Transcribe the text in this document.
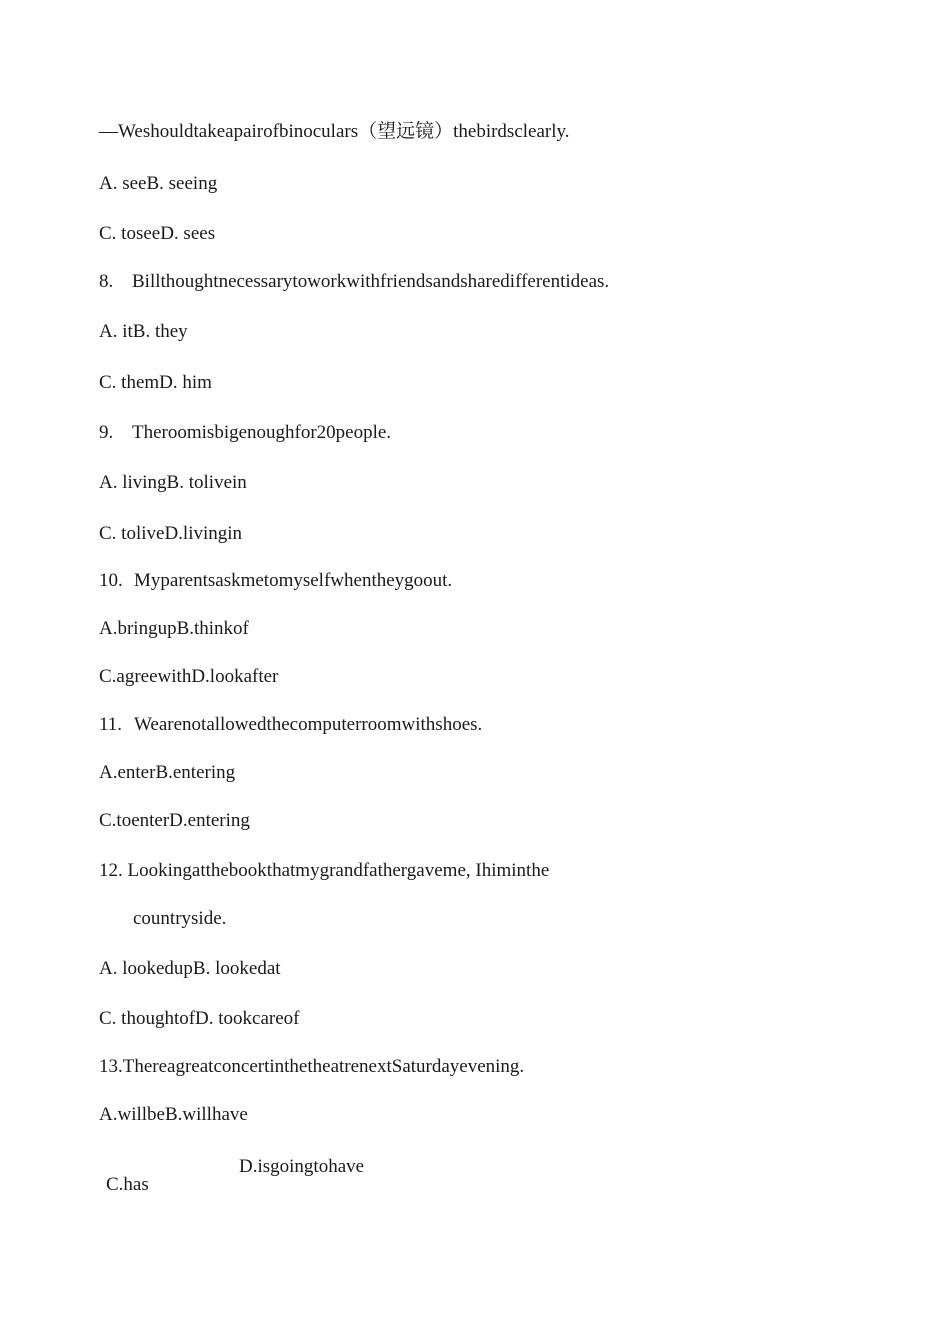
—Weshouldtakeapairofbinoculars（望远镜）thebirdsclearly.
A. seeB. seeing
C. toseeD. sees
8. Billthoughtnecessarytoworkwithfriendsandsharedifferentideas.
A. itB. they
C. themD. him
9. Theroomisbigenoughfor20people.
A. livingB. tolivein
C. toliveD.livingin
10. Myparentsaskmetomyselfwhentheygoout.
A.bringupB.thinkof
C.agreewithD.lookafter
11. Wearenotallowedthecomputerroomwithshoes.
A.enterB.entering
C.toenterD.entering
12. Lookingatthebookthatmygrandfathergaveme, Ihiminthe
countryside.
A. lookedupB. lookedat
C. thoughtofD. tookcareof
13.ThereagreatconcertinthetheatrenextSaturdayevening.
A.willbeB.willhave
D.isgoingtohave
C.has
